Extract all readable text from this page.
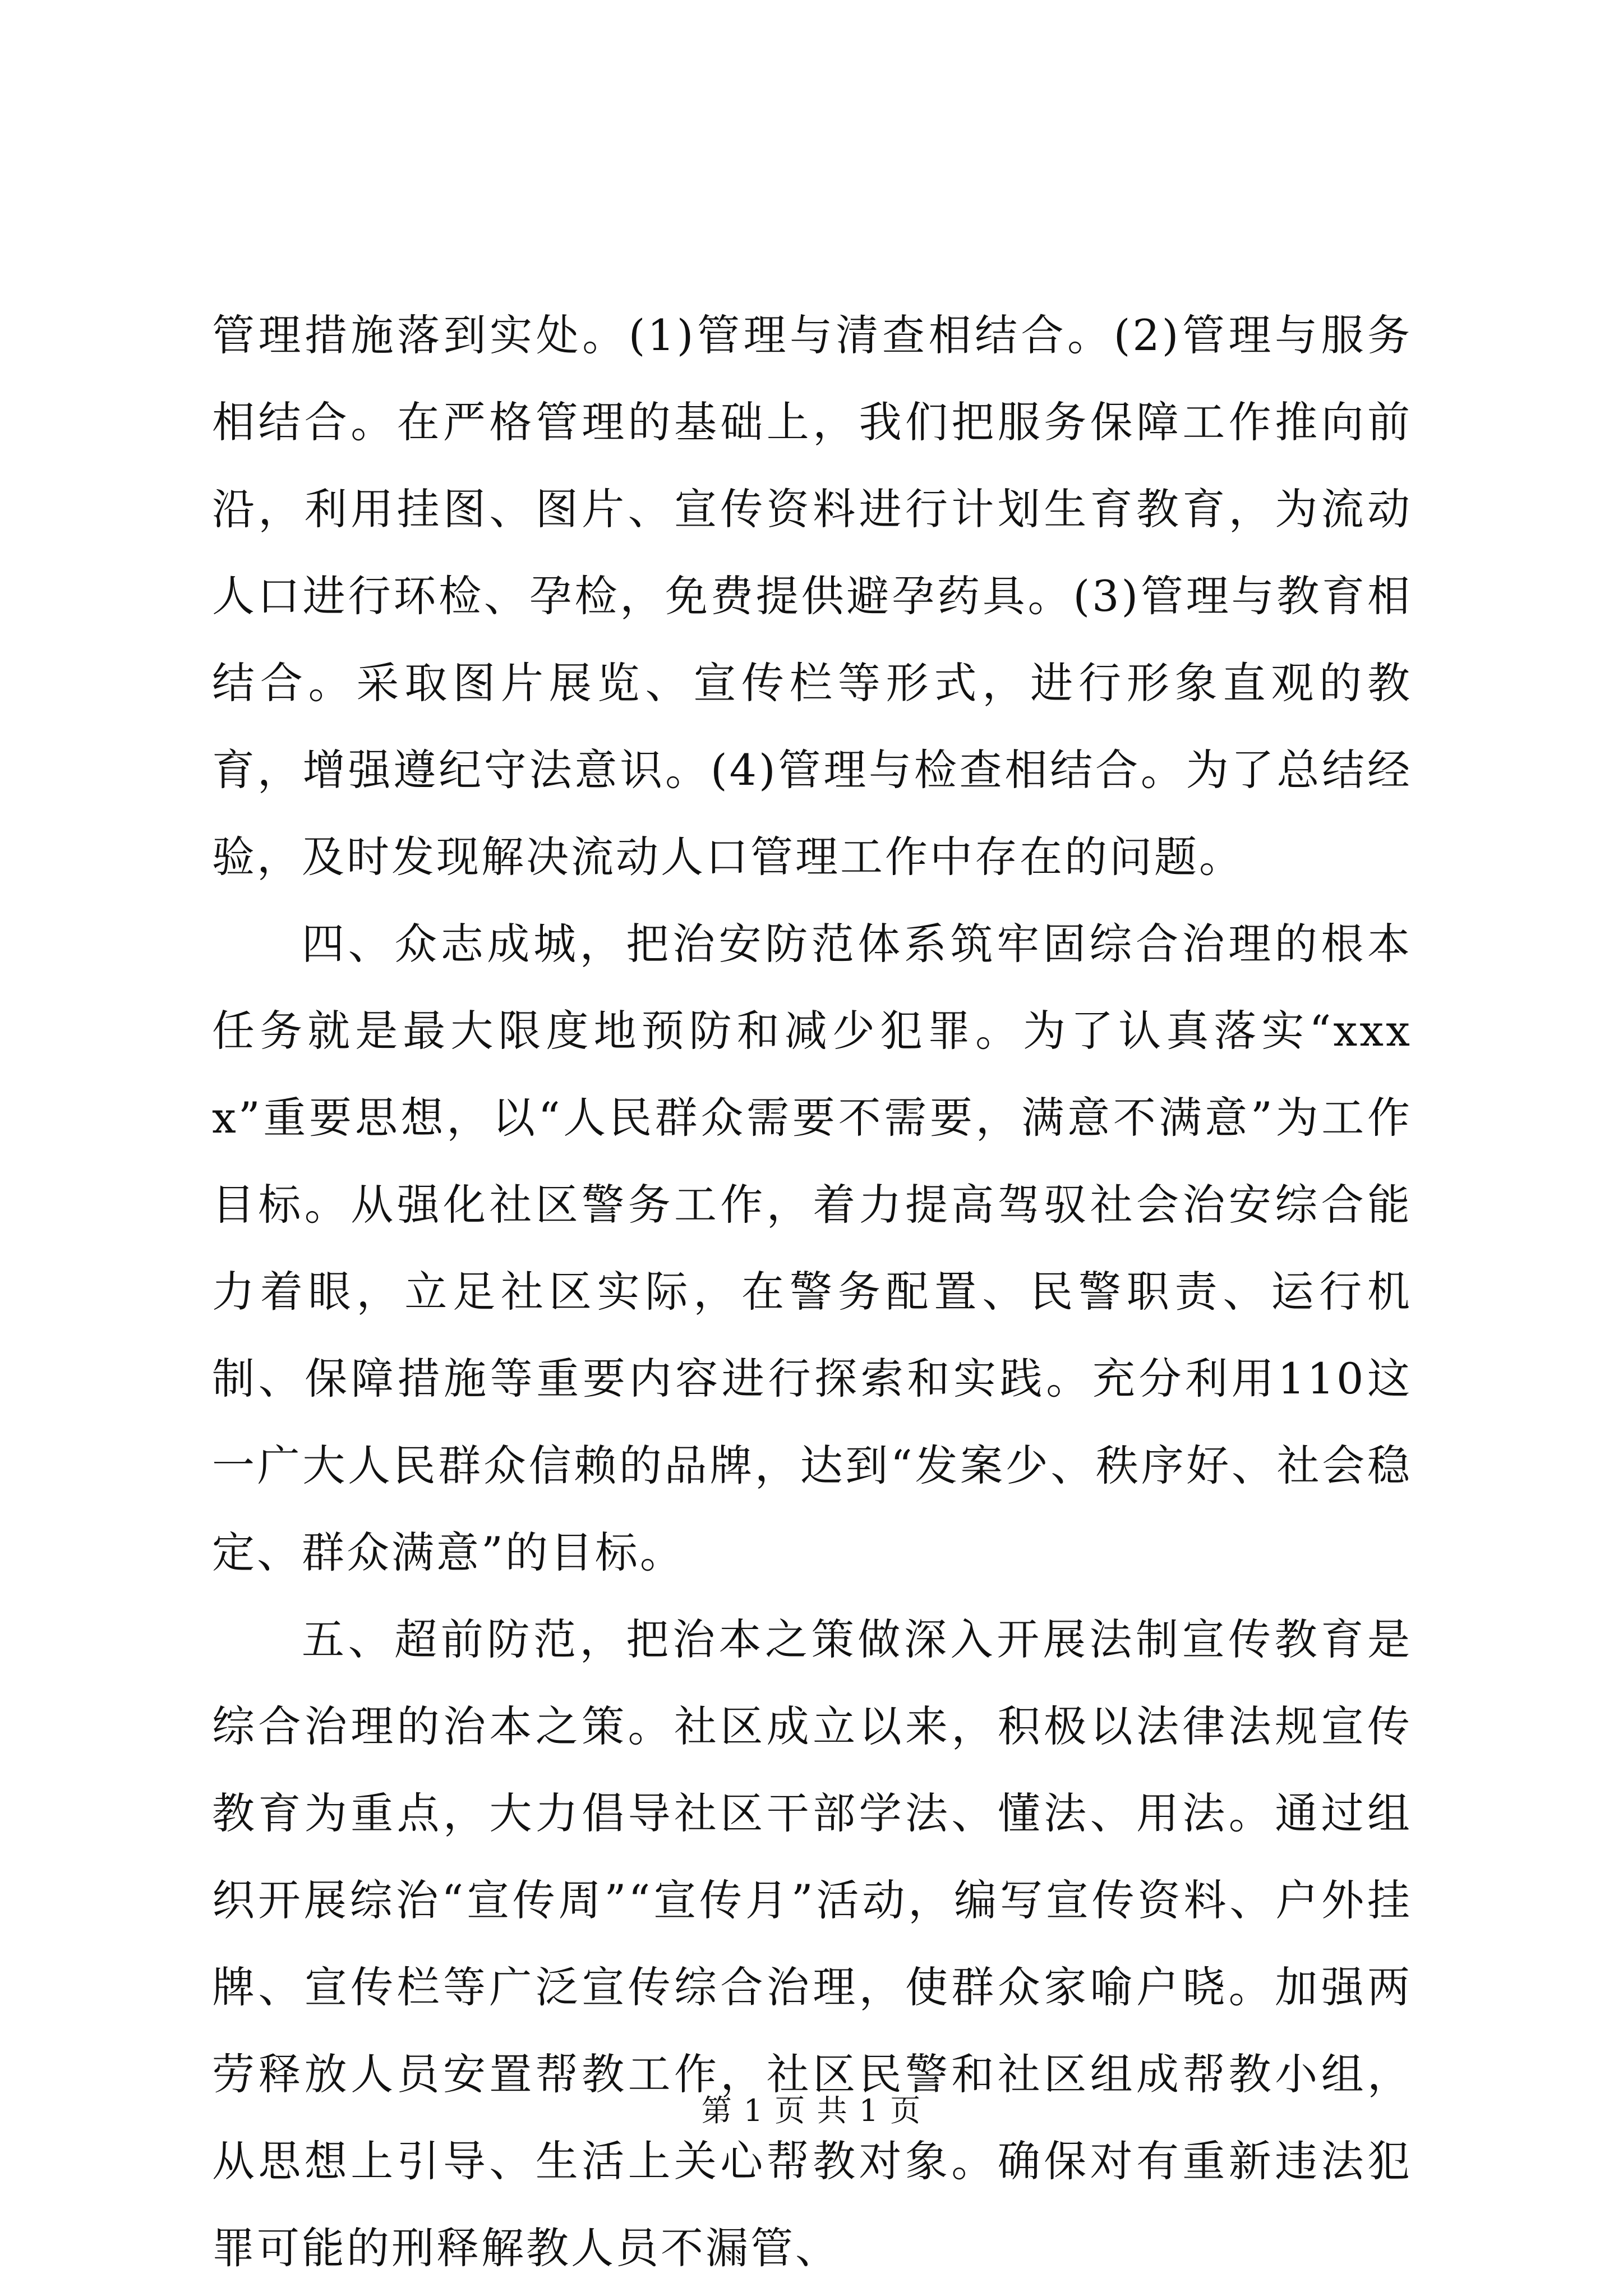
管理措施落到实处。(1)管理与清查相结合。(2)管理与服务相结合。在严格管理的基础上，我们把服务保障工作推向前沿，利用挂图、图片、宣传资料进行计划生育教育，为流动人口进行环检、孕检，免费提供避孕药具。(3)管理与教育相结合。采取图片展览、宣传栏等形式，进行形象直观的教育，增强遵纪守法意识。(4)管理与检查相结合。为了总结经验，及时发现解决流动人口管理工作中存在的问题。

四、众志成城，把治安防范体系筑牢固综合治理的根本任务就是最大限度地预防和减少犯罪。为了认真落实“xxxx”重要思想，以“人民群众需要不需要，满意不满意”为工作目标。从强化社区警务工作，着力提高驾驭社会治安综合能力着眼，立足社区实际，在警务配置、民警职责、运行机制、保障措施等重要内容进行探索和实践。充分利用110这一广大人民群众信赖的品牌，达到“发案少、秩序好、社会稳定、群众满意”的目标。

五、超前防范，把治本之策做深入开展法制宣传教育是综合治理的治本之策。社区成立以来，积极以法律法规宣传教育为重点，大力倡导社区干部学法、懂法、用法。通过组织开展综治“宣传周”“宣传月”活动，编写宣传资料、户外挂牌、宣传栏等广泛宣传综合治理，使群众家喻户晓。加强两劳释放人员安置帮教工作，社区民警和社区组成帮教小组，从思想上引导、生活上关心帮教对象。确保对有重新违法犯罪可能的刑释解教人员不漏管、

第 1 页 共 1 页
